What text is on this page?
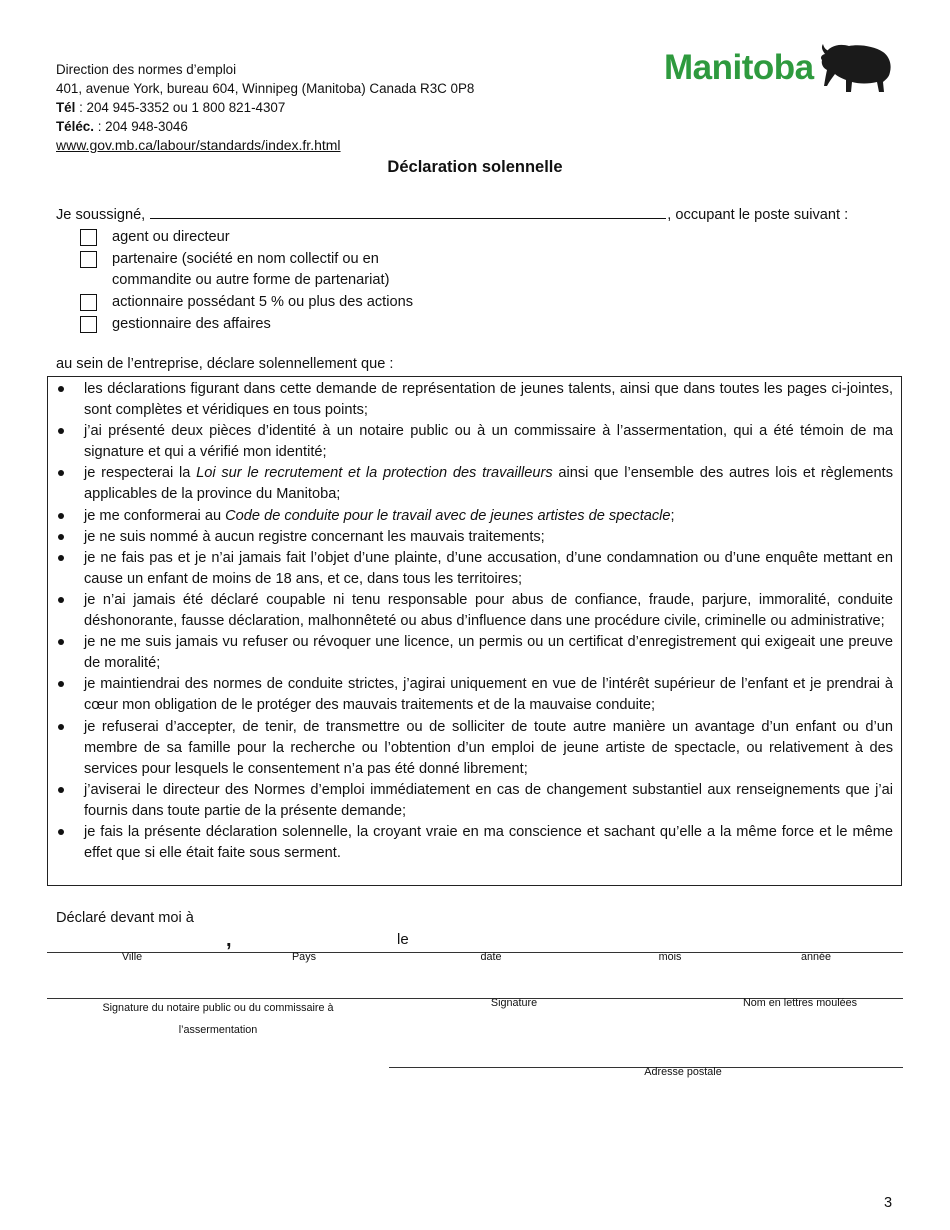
Direction des normes d’emploi
401, avenue York, bureau 604, Winnipeg (Manitoba) Canada R3C 0P8
Tél : 204 945-3352 ou 1 800 821-4307
Téléc. : 204 948-3046
www.gov.mb.ca/labour/standards/index.fr.html
Manitoba
Déclaration solennelle
Je soussigné,	, occupant le poste suivant :
agent ou directeur
partenaire (société en nom collectif ou en
commandite ou autre forme de partenariat)
actionnaire possédant 5 % ou plus des actions
gestionnaire des affaires
au sein de l’entreprise, déclare solennellement que :
les déclarations figurant dans cette demande de représentation de jeunes talents, ainsi que dans toutes les pages ci-jointes, sont complètes et véridiques en tous points;
j’ai présenté deux pièces d’identité à un notaire public ou à un commissaire à l’assermentation, qui a été témoin de ma signature et qui a vérifié mon identité;
je respecterai la Loi sur le recrutement et la protection des travailleurs ainsi que l’ensemble des autres lois et règlements applicables de la province du Manitoba;
je me conformerai au Code de conduite pour le travail avec de jeunes artistes de spectacle;
je ne suis nommé à aucun registre concernant les mauvais traitements;
je ne fais pas et je n’ai jamais fait l’objet d’une plainte, d’une accusation, d’une condamnation ou d’une enquête mettant en cause un enfant de moins de 18 ans, et ce, dans tous les territoires;
je n’ai jamais été déclaré coupable ni tenu responsable pour abus de confiance, fraude, parjure, immoralité, conduite déshonorante, fausse déclaration, malhonnêteté ou abus d’influence dans une procédure civile, criminelle ou administrative;
je ne me suis jamais vu refuser ou révoquer une licence, un permis ou un certificat d’enregistrement qui exigeait une preuve de moralité;
je maintiendrai des normes de conduite strictes, j’agirai uniquement en vue de l’intérêt supérieur de l’enfant et je prendrai à cœur mon obligation de le protéger des mauvais traitements et de la mauvaise conduite;
je refuserai d’accepter, de tenir, de transmettre ou de solliciter de toute autre manière un avantage d’un enfant ou d’un membre de sa famille pour la recherche ou l’obtention d’un emploi de jeune artiste de spectacle, ou relativement à des services pour lesquels le consentement n’a pas été donné librement;
j’aviserai le directeur des Normes d’emploi immédiatement en cas de changement substantiel aux renseignements que j’ai fournis dans toute partie de la présente demande;
je fais la présente déclaration solennelle, la croyant vraie en ma conscience et sachant qu’elle a la même force et le même effet que si elle était faite sous serment.
Déclaré devant moi à
,	le
Ville	Pays	date	mois	année
Signature du notaire public ou du commissaire à
l’assermentation
Signature	Nom en lettres moulées
Adresse postale
3
